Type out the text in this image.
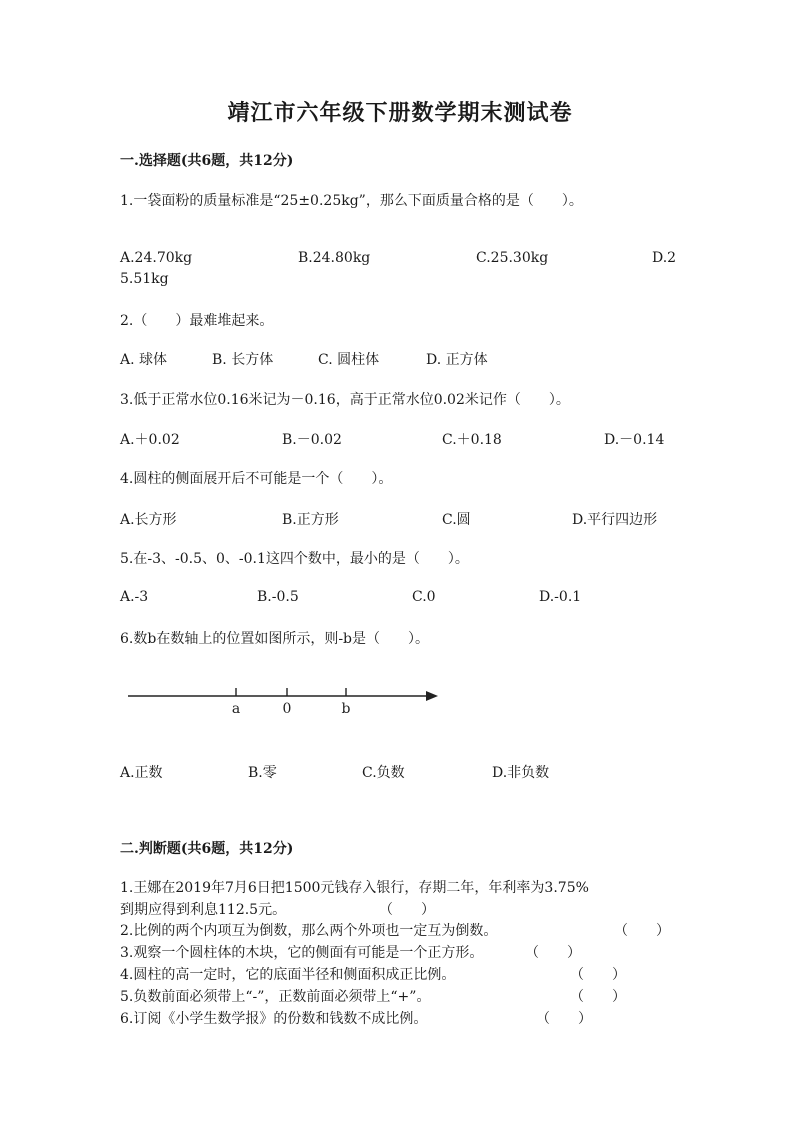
靖江市六年级下册数学期末测试卷
一.选择题(共6题，共12分)
1.一袋面粉的质量标准是“25±0.25kg”，那么下面质量合格的是（　　）。
A.24.70kg	B.24.80kg	C.25.30kg	D.2
5.51kg
2.（　　）最难堆起来。
A. 球体	B. 长方体	C. 圆柱体	D. 正方体
3.低于正常水位0.16米记为－0.16，高于正常水位0.02米记作（　　）。
A.＋0.02	B.－0.02	C.＋0.18	D.－0.14
4.圆柱的侧面展开后不可能是一个（　　）。
A.长方形	B.正方形	C.圆	D.平行四边形
5.在-3、-0.5、0、-0.1这四个数中，最小的是（　　）。
A.-3	B.-0.5	C.0	D.-0.1
6.数b在数轴上的位置如图所示，则-b是（　　）。
a	0	b
A.正数	B.零	C.负数	D.非负数
二.判断题(共6题，共12分)
1.王娜在2019年7月6日把1500元钱存入银行，存期二年，年利率为3.75%
到期应得到利息112.5元。	（　　）
2.比例的两个内项互为倒数，那么两个外项也一定互为倒数。	（　　）
3.观察一个圆柱体的木块，它的侧面有可能是一个正方形。	（　　）
4.圆柱的高一定时，它的底面半径和侧面积成正比例。	（　　）
5.负数前面必须带上“-”，正数前面必须带上“+”。	（　　）
6.订阅《小学生数学报》的份数和钱数不成比例。	（　　）
